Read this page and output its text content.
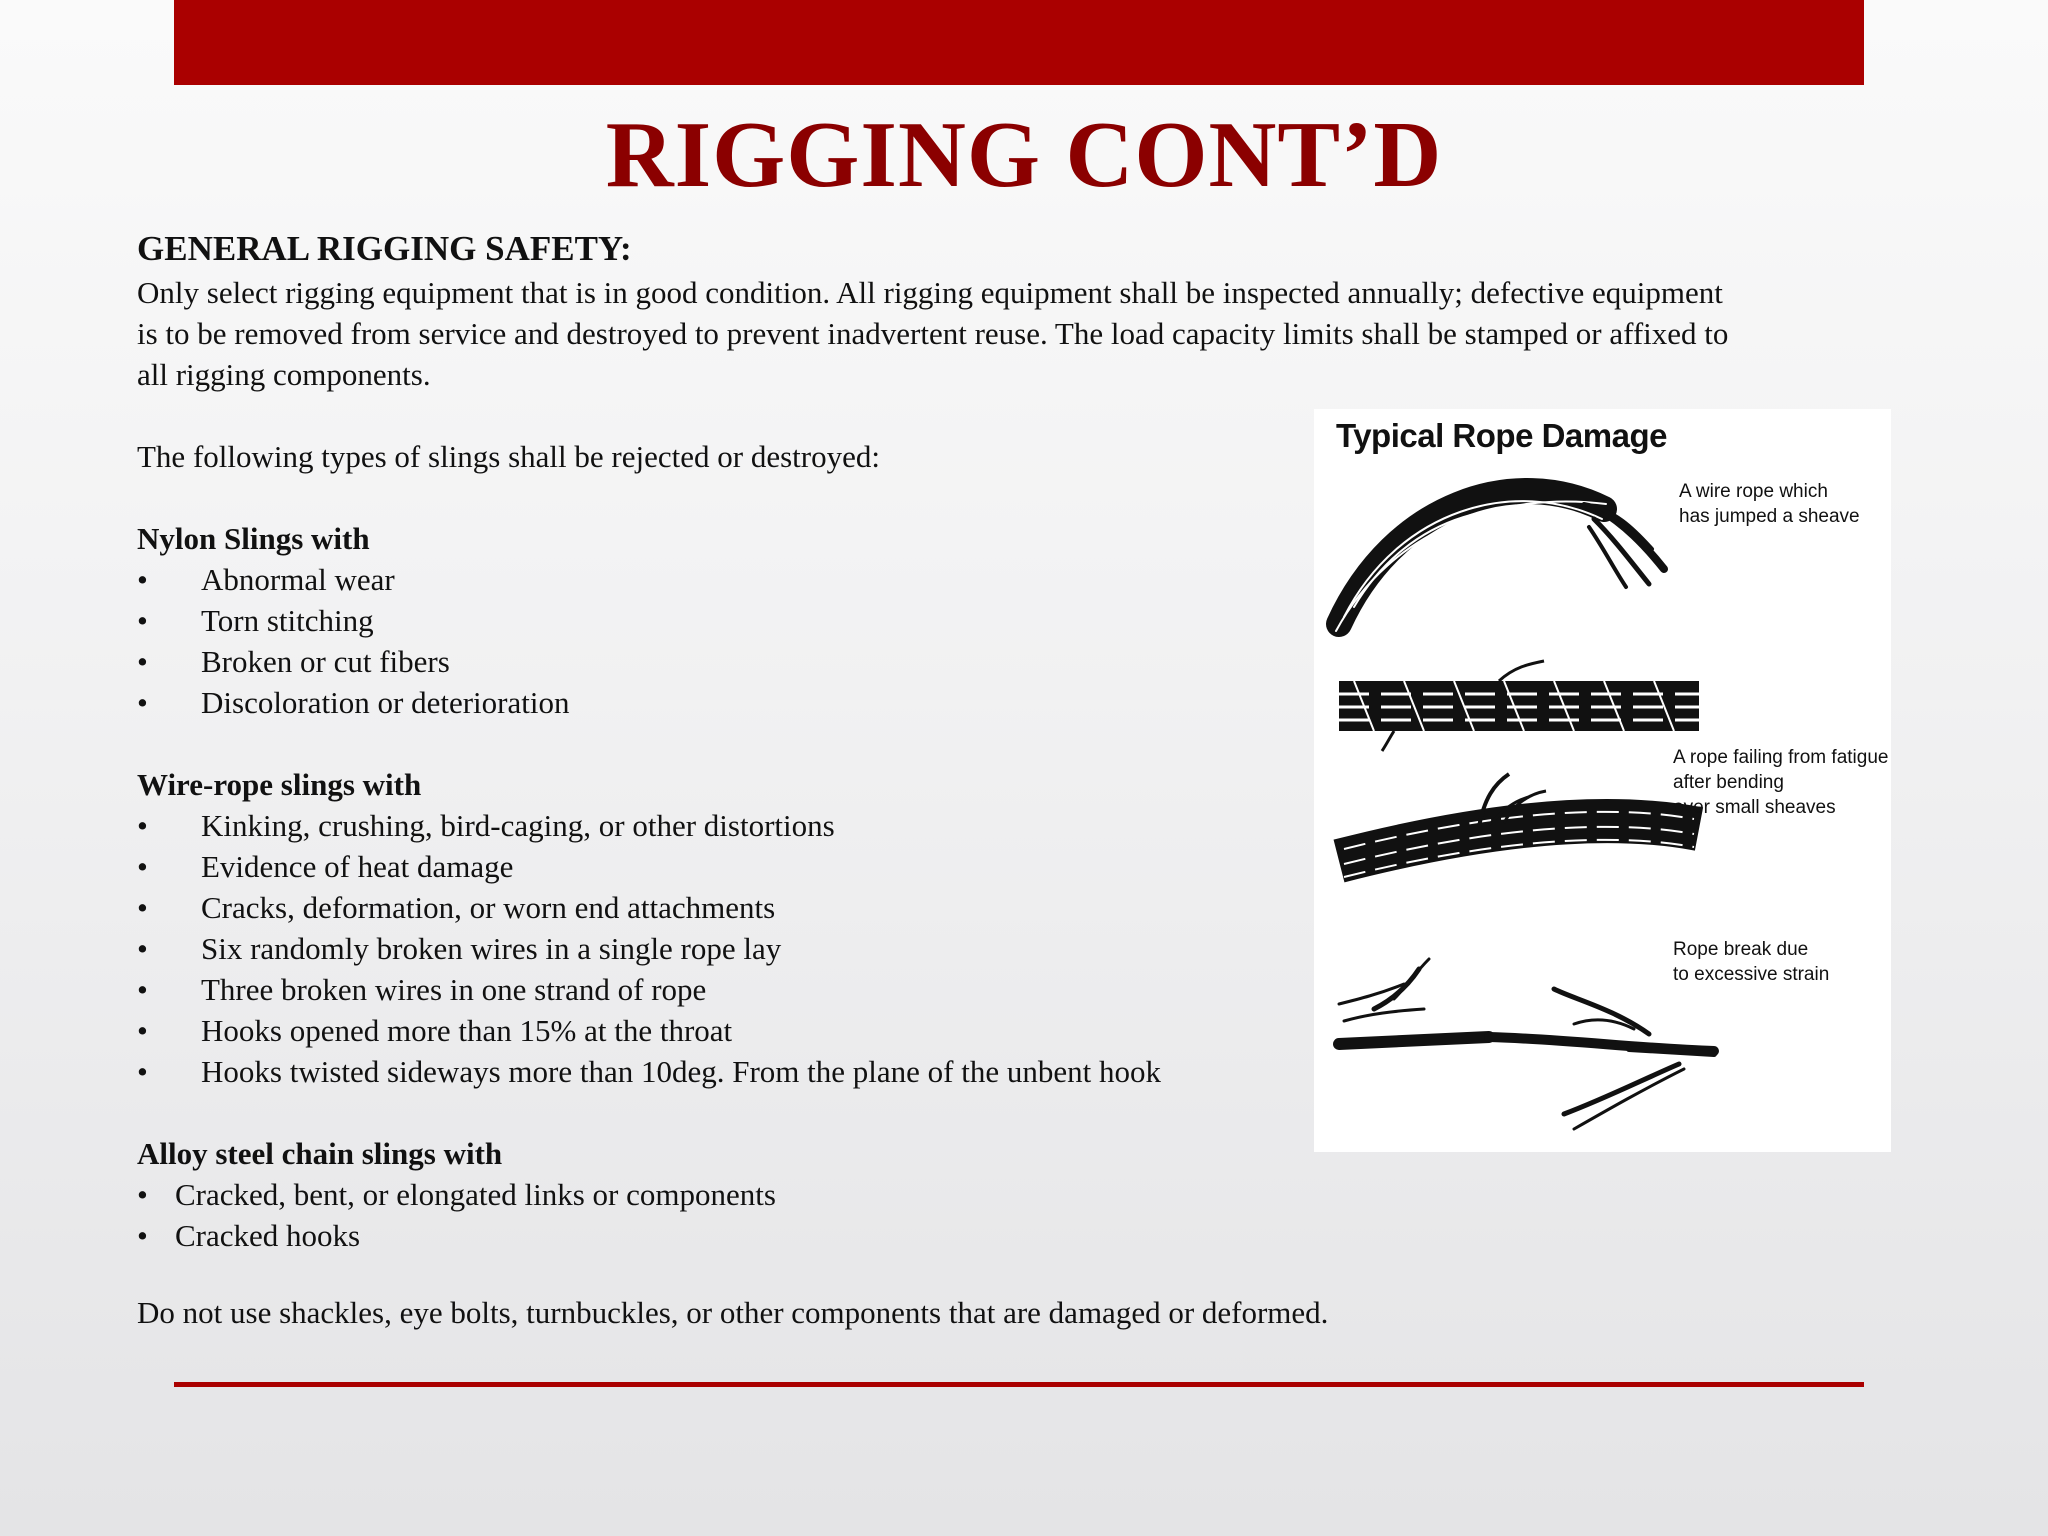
RIGGING CONT’D
GENERAL RIGGING SAFETY:

Only select rigging equipment that is in good condition. All rigging equipment shall be inspected annually; defective equipment

is to be removed from service and destroyed to prevent inadvertent reuse. The load capacity limits shall be stamped or affixed to

all rigging components.

The following types of slings shall be rejected or destroyed:

Nylon Slings with
• Abnormal wear
• Torn stitching
• Broken or cut fibers
• Discoloration or deterioration
Wire-rope slings with
• Kinking, crushing, bird-caging, or other distortions
• Evidence of heat damage
• Cracks, deformation, or worn end attachments
• Six randomly broken wires in a single rope lay
• Three broken wires in one strand of rope
• Hooks opened more than 15% at the throat
• Hooks twisted sideways more than 10deg. From the plane of the unbent hook
Alloy steel chain slings with
• Cracked, bent, or elongated links or components
• Cracked hooks

Do not use shackles, eye bolts, turnbuckles, or other components that are damaged or deformed.

Typical Rope Damage
A wire rope which
has jumped a sheave
A rope failing from fatigue
after bending
over small sheaves
Rope break due
to excessive strain
